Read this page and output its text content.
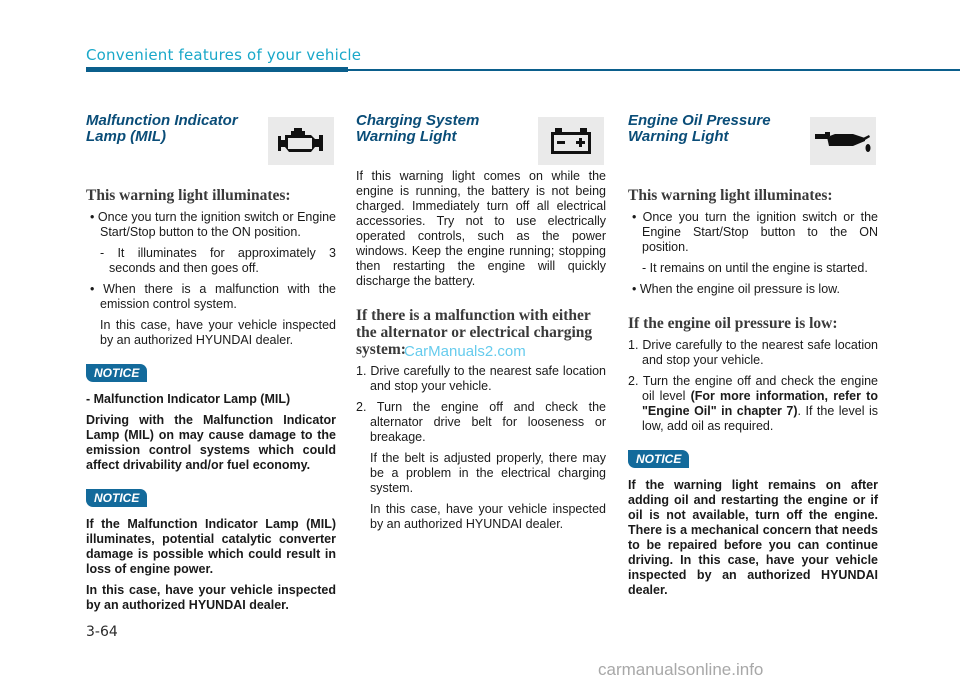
Convenient features of your vehicle
Malfunction Indicator
Lamp (MIL)
This warning light illuminates:
• Once you turn the ignition switch or Engine Start/Stop button to the ON position.
- It illuminates for approximately 3 seconds and then goes off.
• When there is a malfunction with the emission control system.
In this case, have your vehicle inspected by an authorized HYUNDAI dealer.
NOTICE
- Malfunction Indicator Lamp (MIL)
Driving with the Malfunction Indicator Lamp (MIL) on may cause damage to the emission control systems which could affect drivability and/or fuel economy.
NOTICE
If the Malfunction Indicator Lamp (MIL) illuminates, potential catalytic converter damage is possible which could result in loss of engine power.
In this case, have your vehicle inspected by an authorized HYUNDAI dealer.
Charging System
Warning Light
If this warning light comes on while the engine is running, the battery is not being charged. Immediately turn off all electrical accessories. Try not to use electrically operated controls, such as the power windows. Keep the engine running; stopping then restarting the engine will quickly discharge the battery.
If there is a malfunction with either the alternator or electrical charging system:
1. Drive carefully to the nearest safe location and stop your vehicle.
2. Turn the engine off and check the alternator drive belt for looseness or breakage.
If the belt is adjusted properly, there may be a problem in the electrical charging system.
In this case, have your vehicle inspected by an authorized HYUNDAI dealer.
Engine Oil Pressure
Warning Light
This warning light illuminates:
• Once you turn the ignition switch or the Engine Start/Stop button to the ON position.
- It remains on until the engine is started.
• When the engine oil pressure is low.
If the engine oil pressure is low:
1. Drive carefully to the nearest safe location and stop your vehicle.
2. Turn the engine off and check the engine oil level (For more information, refer to "Engine Oil" in chapter 7). If the level is low, add oil as required.
NOTICE
If the warning light remains on after adding oil and restarting the engine or if oil is not available, turn off the engine. There is a mechanical concern that needs to be repaired before you can continue driving. In this case, have your vehicle inspected by an authorized HYUNDAI dealer.
3-64
CarManuals2.com
carmanualsonline.info
